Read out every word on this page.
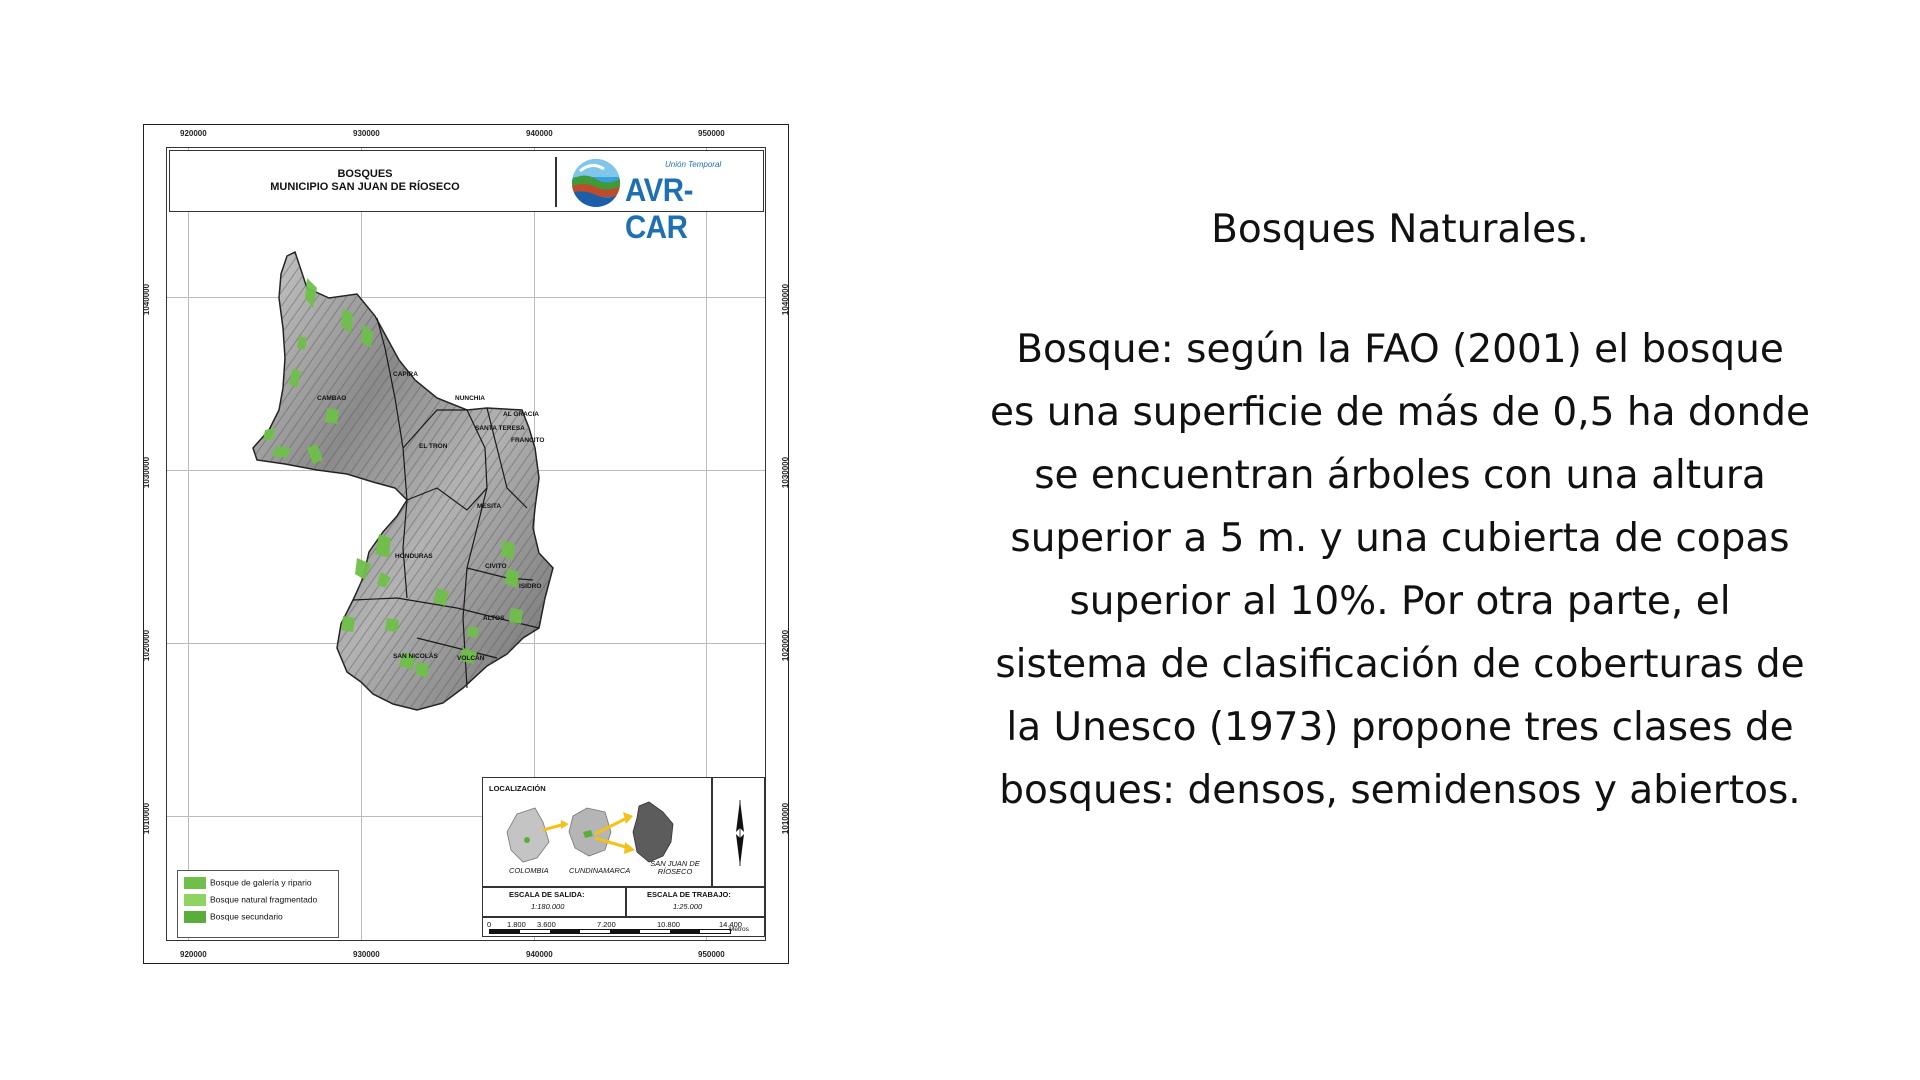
920000	930000	940000	950000
920000	930000	940000	950000
1040000
1030000
1020000
1010000
1040000
1030000
1020000
1010000
BOSQUES
MUNICIPIO SAN JUAN DE RÍOSECO
Unión Temporal
AVR-CAR
CAMBAO
CAPIRA
NUNCHIA
SANTA TERESA
AL GRACIA
FRANCITO
EL TRON
HONDURAS
MESITA
CIVITO
ISIDRO
ALTOS
SAN NICOLÁS	VOLCÁN
Bosque de galería y ripario
Bosque natural fragmentado
Bosque secundario
LOCALIZACIÓN
COLOMBIA	CUNDINAMARCA
SAN JUAN DE RÍOSECO
ESCALA DE SALIDA:
1:180.000
ESCALA DE TRABAJO:
1:25.000
0 1.800 3.600	7.200	10.800	14.400
Metros

Bosques Naturales.

Bosque: según la FAO (2001) el bosque es una superficie de más de 0,5 ha donde se encuentran árboles con una altura superior a 5 m. y una cubierta de copas superior al 10%. Por otra parte, el sistema de clasificación de coberturas de la Unesco (1973) propone tres clases de bosques: densos, semidensos y abiertos.
